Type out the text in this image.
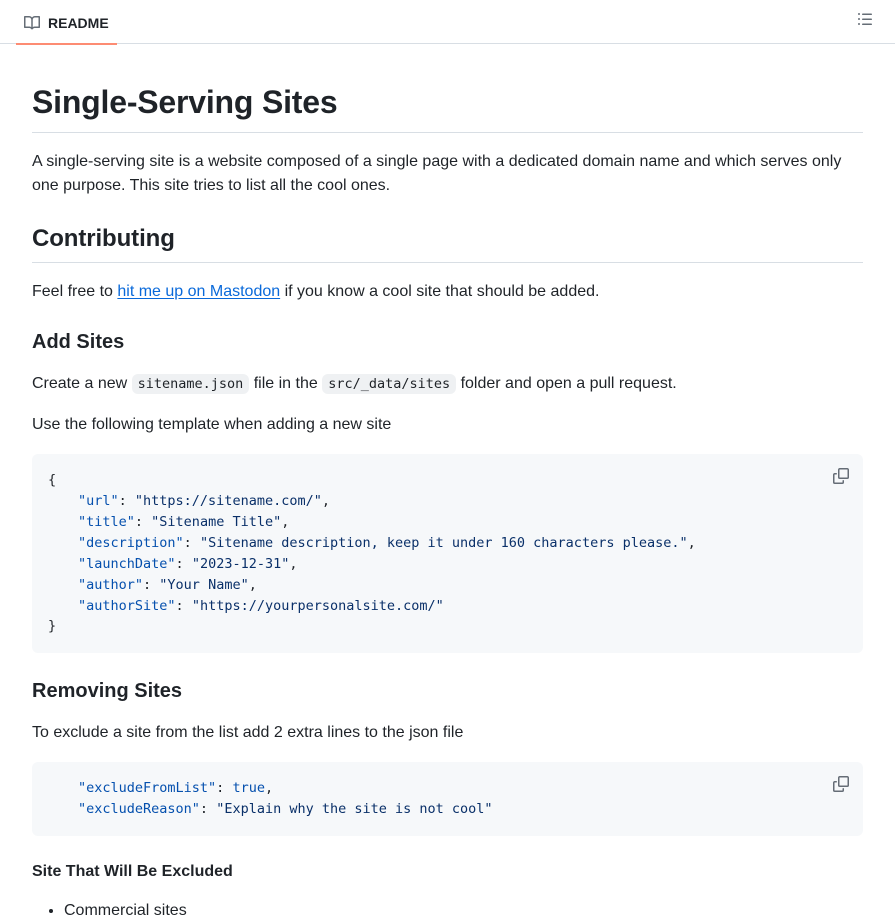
README
Single-Serving Sites

A single-serving site is a website composed of a single page with a dedicated domain name and which serves only one purpose. This site tries to list all the cool ones.

Contributing

Feel free to hit me up on Mastodon if you know a cool site that should be added.

Add Sites

Create a new sitename.json file in the src/_data/sites folder and open a pull request.

Use the following template when adding a new site

{
"url": "https://sitename.com/",
"title": "Sitename Title",
"description": "Sitename description, keep it under 160 characters please.",
"launchDate": "2023-12-31",
"author": "Your Name",
"authorSite": "https://yourpersonalsite.com/"
}
Removing Sites

To exclude a site from the list add 2 extra lines to the json file

"excludeFromList": true,
"excludeReason": "Explain why the site is not cool"
Site That Will Be Excluded
• Commercial sites
